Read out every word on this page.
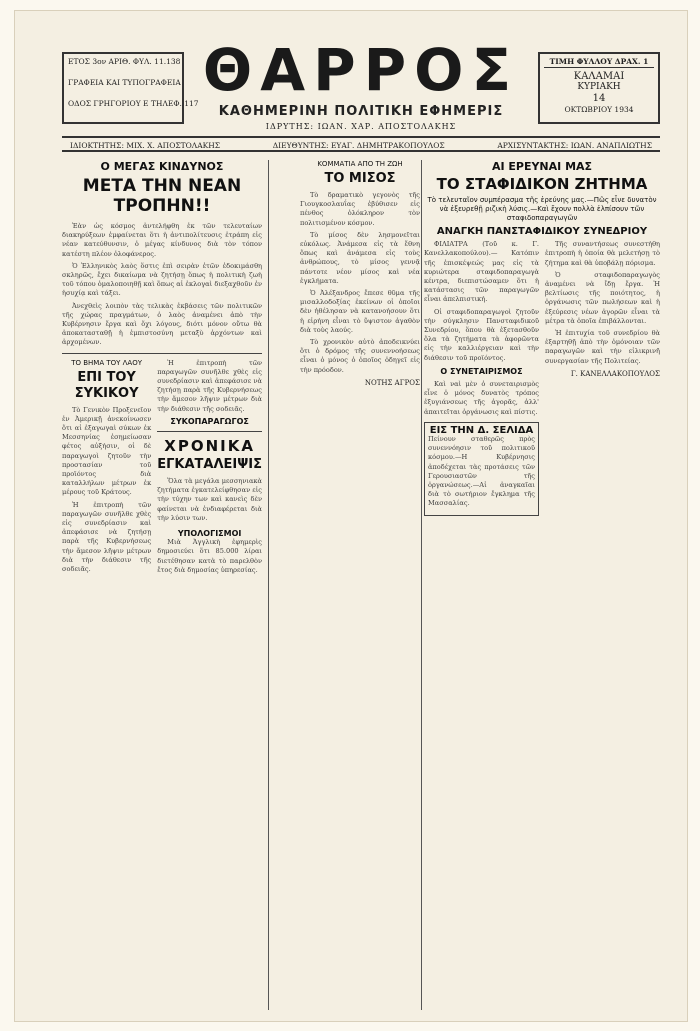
ΕΤΟΣ 3ον ΑΡΙΘ. ΦΥΛ. 11.138
ΓΡΑΦΕΙΑ ΚΑΙ ΤΥΠΟΓΡΑΦΕΙΑ
ΟΔΟΣ ΓΡΗΓΟΡΙΟΥ Ε ΤΗΛΕΦ. 117 ΘΑΡΡΟΣ
ΚΑΘΗΜΕΡΙΝΗ ΠΟΛΙΤΙΚΗ ΕΦΗΜΕΡΙΣ
ΙΔΡΥΤΗΣ: ΙΩΑΝ. ΧΑΡ. ΑΠΟΣΤΟΛΑΚΗΣ
ΤΙΜΗ ΦΥΛΛΟΥ ΔΡΑΧ. 1
ΚΑΛΑΜΑΙ
ΚΥΡΙΑΚΗ
14
ΟΚΤΩΒΡΙΟΥ 1934
ΙΔΙΟΚΤΗΤΗΣ: ΜΙΧ. Χ. ΑΠΟΣΤΟΛΑΚΗΣ	ΔΙΕΥΘΥΝΤΗΣ: ΕΥΑΓ. ΔΗΜΗΤΡΑΚΟΠΟΥΛΟΣ	ΑΡΧΙΣΥΝΤΑΚΤΗΣ: ΙΩΑΝ. ΑΝΑΠΛΙΩΤΗΣ
Ο ΜΕΓΑΣ ΚΙΝΔΥΝΟΣ
ΜΕΤΑ ΤΗΝ ΝΕΑΝ ΤΡΟΠΗΝ!!

Ἐὰν ὡς κόσμος ἀντελήφθη ἐκ τῶν τελευταίων διακηρύξεων ἐμφαίνεται ὅτι ἡ ἀντιπολίτευσις ἐτράπη εἰς νέαν κατεύθυνσιν, ὁ μέγας κίνδυνος διὰ τὸν τόπον κατέστη πλέον ὁλοφάνερος.

Ὁ Ἑλληνικὸς λαὸς ὅστις ἐπὶ σειρὰν ἐτῶν ἐδοκιμάσθη σκληρῶς, ἔχει δικαίωμα νὰ ζητήσῃ ὅπως ἡ πολιτικὴ ζωὴ τοῦ τόπου ὁμαλοποιηθῇ καὶ ὅπως αἱ ἐκλογαὶ διεξαχθοῦν ἐν ἡσυχίᾳ καὶ τάξει.

Ἀνεχθεὶς λοιπὸν τὰς τελικὰς ἐκβάσεις τῶν πολιτικῶν τῆς χώρας πραγμάτων, ὁ λαὸς ἀναμένει ἀπὸ τὴν Κυβέρνησιν ἔργα καὶ ὄχι λόγους, διότι μόνον οὕτω θὰ ἀποκατασταθῇ ἡ ἐμπιστοσύνη μεταξὺ ἀρχόντων καὶ ἀρχομένων.

ΤΟ ΒΗΜΑ ΤΟΥ ΛΑΟΥ
ΕΠΙ ΤΟΥ ΣΥΚΙΚΟΥ

Τὸ Γενικὸν Προξενεῖον ἐν Ἀμερικῇ ἀνεκοίνωσεν ὅτι αἱ ἐξαγωγαὶ σύκων ἐκ Μεσσηνίας ἐσημείωσαν φέτος αὐξήσιν, οἱ δὲ παραγωγοὶ ζητοῦν τὴν προστασίαν τοῦ προϊόντος διὰ καταλλήλων μέτρων ἐκ μέρους τοῦ Κράτους.

Ἡ ἐπιτροπὴ τῶν παραγωγῶν συνῆλθε χθὲς εἰς συνεδρίασιν καὶ ἀπεφάσισε νὰ ζητήσῃ παρὰ τῆς Κυβερνήσεως τὴν ἄμεσον λῆψιν μέτρων διὰ τὴν διάθεσιν τῆς σοδειᾶς.

Ἡ ἐπιτροπὴ τῶν παραγωγῶν συνῆλθε χθὲς εἰς συνεδρίασιν καὶ ἀπεφάσισε νὰ ζητήσῃ παρὰ τῆς Κυβερνήσεως τὴν ἄμεσον λῆψιν μέτρων διὰ τὴν διάθεσιν τῆς σοδειᾶς.

ΣΥΚΟΠΑΡΑΓΩΓΟΣ
ΧΡΟΝΙΚΑ
ΕΓΚΑΤΑΛΕΙΨΙΣ

Ὅλα τὰ μεγάλα μεσσηνιακὰ ζητήματα ἐγκατελείφθησαν εἰς τὴν τύχην των καὶ κανεὶς δὲν φαίνεται νὰ ἐνδιαφέρεται διὰ τὴν λύσιν των.

ΥΠΟΛΟΓΙΣΜΟΙ

Μιὰ Ἀγγλικὴ ἐφημερὶς δημοσιεύει ὅτι 85.000 λίραι διετέθησαν κατὰ τὸ παρελθὸν ἔτος διὰ δημοσίας ὑπηρεσίας.

ΚΟΜΜΑΤΙΑ ΑΠΟ ΤΗ ΖΩΗ
ΤΟ ΜΙΣΟΣ

Τὸ δραματικὸ γεγονὸς τῆς Γιουγκοσλαυΐας ἐβύθισεν εἰς πένθος ὁλόκληρον τὸν πολιτισμένον κόσμον.

Τὸ μίσος δὲν λησμονεῖται εὐκόλως. Ἀνάμεσα εἰς τὰ ἔθνη ὅπως καὶ ἀνάμεσα εἰς τοὺς ἀνθρώπους, τὸ μίσος γεννᾷ πάντοτε νέον μίσος καὶ νέα ἐγκλήματα.

Ὁ Ἀλέξανδρος ἔπεσε θῦμα τῆς μισαλλοδοξίας ἐκείνων οἱ ὁποῖοι δὲν ἠθέλησαν νὰ κατανοήσουν ὅτι ἡ εἰρήνη εἶναι τὸ ὕψιστον ἀγαθὸν διὰ τοὺς λαούς.

Τὸ χρονικὸν αὐτὸ ἀποδεικνύει ὅτι ὁ δρόμος τῆς συνεννοήσεως εἶναι ὁ μόνος ὁ ὁποῖος ὁδηγεῖ εἰς τὴν πρόοδον.

ΝΟΤΗΣ ΑΓΡΟΣ
ΑΙ ΕΡΕΥΝΑΙ ΜΑΣ
ΤΟ ΣΤΑΦΙΔΙΚΟΝ ΖΗΤΗΜΑ
Τὸ τελευταῖον συμπέρασμα τῆς ἐρεύνης μας.—Πῶς εἶνε δυνατὸν νὰ ἐξευρεθῇ ριζικὴ λύσις.—Καὶ ἔχουν πολλὰ ἐλπίσουν τῶν σταφιδοπαραγωγῶν
ΑΝΑΓΚΗ ΠΑΝΣΤΑΦΙΔΙΚΟΥ ΣΥΝΕΔΡΙΟΥ

ΦΙΛΙΑΤΡΑ (Τοῦ κ. Γ. Κανελλακοπούλου).— Κατόπιν τῆς ἐπισκέψεώς μας εἰς τὰ κυριώτερα σταφιδοπαραγωγὰ κέντρα, διεπιστώσαμεν ὅτι ἡ κατάστασις τῶν παραγωγῶν εἶναι ἀπελπιστική.

Οἱ σταφιδοπαραγωγοὶ ζητοῦν τὴν σύγκλησιν Πανσταφιδικοῦ Συνεδρίου, ὅπου θὰ ἐξετασθοῦν ὅλα τὰ ζητήματα τὰ ἀφορῶντα εἰς τὴν καλλιέργειαν καὶ τὴν διάθεσιν τοῦ προϊόντος.

Ο ΣΥΝΕΤΑΙΡΙΣΜΟΣ

Καὶ ναὶ μὲν ὁ συνεταιρισμὸς εἶνε ὁ μόνος δυνατὸς τρόπος ἐξυγιάνσεως τῆς ἀγορᾶς, ἀλλ' ἀπαιτεῖται ὀργάνωσις καὶ πίστις.

ΕΙΣ ΤΗΝ Δ. ΣΕΛΙΔΑ

Πείνουν σταθερῶς πρὸς συνεννόησιν τοῦ πολιτικοῦ κόσμου.—Η Κυβέρνησις ἀποδέχεται τὰς προτάσεις τῶν Γερουσιαστῶν τῆς ὀργανώσεως.—Αἱ ἀναγκαῖαι διὰ τὸ σωτήριον ἔγκλημα τῆς Μασσαλίας.

Τῆς συναντήσεως συνεστήθη ἐπιτροπὴ ἡ ὁποία θὰ μελετήσῃ τὸ ζήτημα καὶ θὰ ὑποβάλῃ πόρισμα.

Ὁ σταφιδοπαραγωγὸς ἀναμένει νὰ ἴδῃ ἔργα. Ἡ βελτίωσις τῆς ποιότητος, ἡ ὀργάνωσις τῶν πωλήσεων καὶ ἡ ἐξεύρεσις νέων ἀγορῶν εἶναι τὰ μέτρα τὰ ὁποῖα ἐπιβάλλονται.

Ἡ ἐπιτυχία τοῦ συνεδρίου θὰ ἐξαρτηθῇ ἀπὸ τὴν ὁμόνοιαν τῶν παραγωγῶν καὶ τὴν εἰλικρινῆ συνεργασίαν τῆς Πολιτείας.

Γ. ΚΑΝΕΛΛΑΚΟΠΟΥΛΟΣ
